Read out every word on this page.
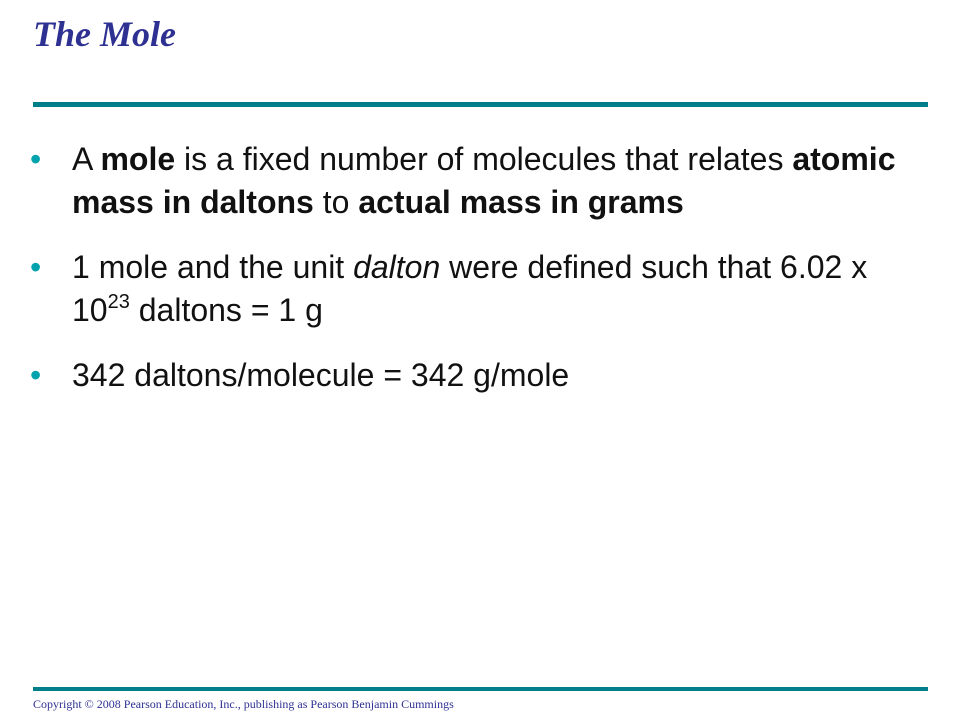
The Mole
• A mole is a fixed number of molecules that relates atomic mass in daltons to actual mass in grams
• 1 mole and the unit dalton were defined such that 6.02 x $10^{23}$ daltons = 1 g
• 342 daltons/molecule = 342 g/mole
Copyright © 2008 Pearson Education, Inc., publishing as Pearson Benjamin Cummings
